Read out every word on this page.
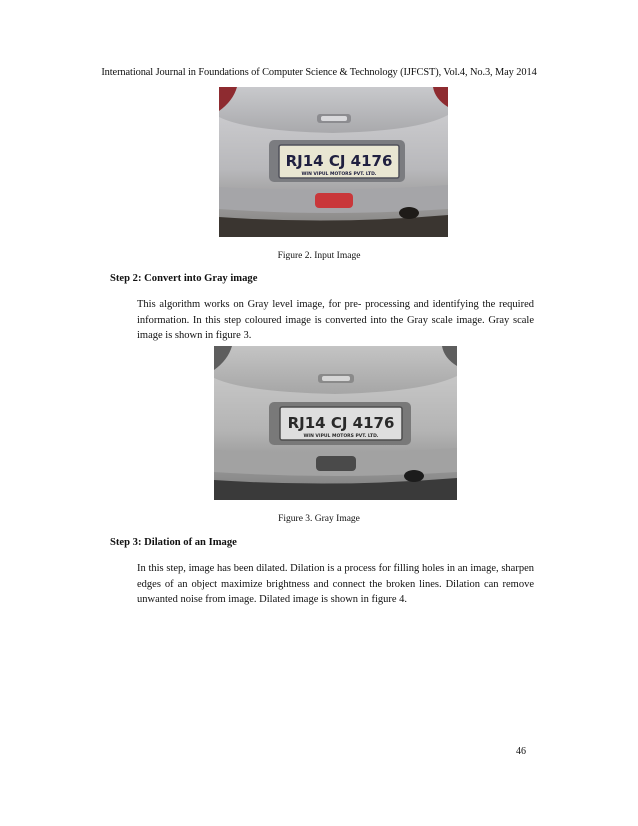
International Journal in Foundations of Computer Science & Technology (IJFCST), Vol.4, No.3, May 2014
RJ14 CJ 4176
WIN VIPUL MOTORS PVT. LTD.
Figure 2. Input Image
Step 2: Convert into Gray image

This algorithm works on Gray level image, for pre- processing and identifying the required information. In this step coloured image is converted into the Gray scale image. Gray scale image is shown in figure 3.

RJ14 CJ 4176
WIN VIPUL MOTORS PVT. LTD.
Figure 3. Gray Image
Step 3: Dilation of an Image

In this step, image has been dilated. Dilation is a process for filling holes in an image, sharpen edges of an object maximize brightness and connect the broken lines. Dilation can remove unwanted noise from image. Dilated image is shown in figure 4.

46
